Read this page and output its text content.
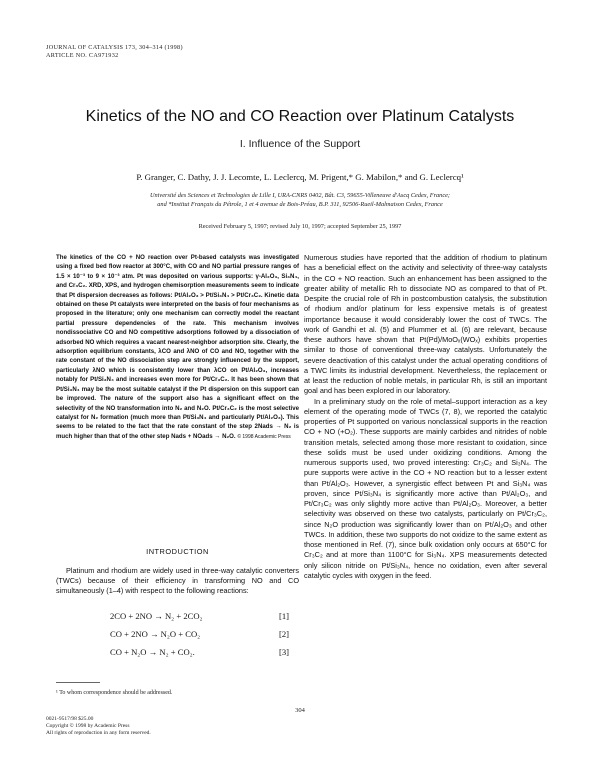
JOURNAL OF CATALYSIS 173, 304–314 (1998)
ARTICLE NO. CA971932
Kinetics of the NO and CO Reaction over Platinum Catalysts
I. Influence of the Support
P. Granger, C. Dathy, J. J. Lecomte, L. Leclercq, M. Prigent,* G. Mabilon,* and G. Leclercq¹
Université des Sciences et Technologies de Lille I, URA-CNRS 0402, Bât. C3, 59655-Villeneuve d'Ascq Cedex, France;
and *Institut Français du Pétrole, 1 et 4 avenue de Bois-Préau, B.P. 311, 92506-Rueil-Malmaison Cedex, France
Received February 5, 1997; revised July 10, 1997; accepted September 25, 1997
The kinetics of the CO + NO reaction over Pt-based catalysts was investigated using a fixed bed flow reactor at 300°C, with CO and NO partial pressure ranges of 1.5 × 10⁻³ to 9 × 10⁻³ atm. Pt was deposited on various supports: γ-Al₂O₃, Si₃N₄, and Cr₃C₂. XRD, XPS, and hydrogen chemisorption measurements seem to indicate that Pt dispersion decreases as follows: Pt/Al₂O₃ > Pt/Si₃N₄ > Pt/Cr₃C₂. Kinetic data obtained on these Pt catalysts were interpreted on the basis of four mechanisms as proposed in the literature; only one mechanism can correctly model the reactant partial pressure dependencies of the rate. This mechanism involves nondissociative CO and NO competitive adsorptions followed by a dissociation of adsorbed NO which requires a vacant nearest-neighbor adsorption site. Clearly, the adsorption equilibrium constants, λCO and λNO of CO and NO, together with the rate constant of the NO dissociation step are strongly influenced by the support, particularly λNO which is consistently lower than λCO on Pt/Al₂O₃, increases notably for Pt/Si₃N₄ and increases even more for Pt/Cr₃C₂. It has been shown that Pt/Si₃N₄ may be the most suitable catalyst if the Pt dispersion on this support can be improved. The nature of the support also has a significant effect on the selectivity of the NO transformation into N₂ and N₂O. Pt/Cr₃C₂ is the most selective catalyst for N₂ formation (much more than Pt/Si₃N₄ and particularly Pt/Al₂O₃). This seems to be related to the fact that the rate constant of the step 2Nads → N₂ is much higher than that of the other step Nads + NOads → N₂O. © 1998 Academic Press
INTRODUCTION
Platinum and rhodium are widely used in three-way catalytic converters (TWCs) because of their efficiency in transforming NO and CO simultaneously (1–4) with respect to the following reactions:
2CO + 2NO → N₂ + 2CO₂	[1]
CO + 2NO → N₂O + CO₂	[2]
CO + N₂O → N₂ + CO₂.	[3]
¹ To whom correspondence should be addressed.

Numerous studies have reported that the addition of rhodium to platinum has a beneficial effect on the activity and selectivity of three-way catalysts in the CO + NO reaction. Such an enhancement has been assigned to the greater ability of metallic Rh to dissociate NO as compared to that of Pt. Despite the crucial role of Rh in postcombustion catalysis, the substitution of rhodium and/or platinum for less expensive metals is of greatest importance because it would considerably lower the cost of TWCs. The work of Gandhi et al. (5) and Plummer et al. (6) are relevant, because these authors have shown that Pt(Pd)/MoOₓ(WOₓ) exhibits properties similar to those of conventional three-way catalysts. Unfortunately the severe deactivation of this catalyst under the actual operating conditions of a TWC limits its industrial development. Nevertheless, the replacement or at least the reduction of noble metals, in particular Rh, is still an important goal and has been explored in our laboratory.

In a preliminary study on the role of metal–support interaction as a key element of the operating mode of TWCs (7, 8), we reported the catalytic properties of Pt supported on various nonclassical supports in the reaction CO + NO (+O₂). These supports are mainly carbides and nitrides of noble transition metals, selected among those more resistant to oxidation, since these solids must be used under oxidizing conditions. Among the numerous supports used, two proved interesting: Cr₃C₂ and Si₃N₄. The pure supports were active in the CO + NO reaction but to a lesser extent than Pt/Al₂O₃. However, a synergistic effect between Pt and Si₃N₄ was proven, since Pt/Si₃N₄ is significantly more active than Pt/Al₂O₃, and Pt/Cr₃C₂ was only slightly more active than Pt/Al₂O₃. Moreover, a better selectivity was observed on these two catalysts, particularly on Pt/Cr₃C₂, since N₂O production was significantly lower than on Pt/Al₂O₃ and other TWCs. In addition, these two supports do not oxidize to the same extent as those mentioned in Ref. (7), since bulk oxidation only occurs at 650°C for Cr₃C₂ and at more than 1100°C for Si₃N₄. XPS measurements detected only silicon nitride on Pt/Si₃N₄, hence no oxidation, even after several catalytic cycles with oxygen in the feed.

304
0021-9517/98 $25.00
Copyright © 1998 by Academic Press
All rights of reproduction in any form reserved.
